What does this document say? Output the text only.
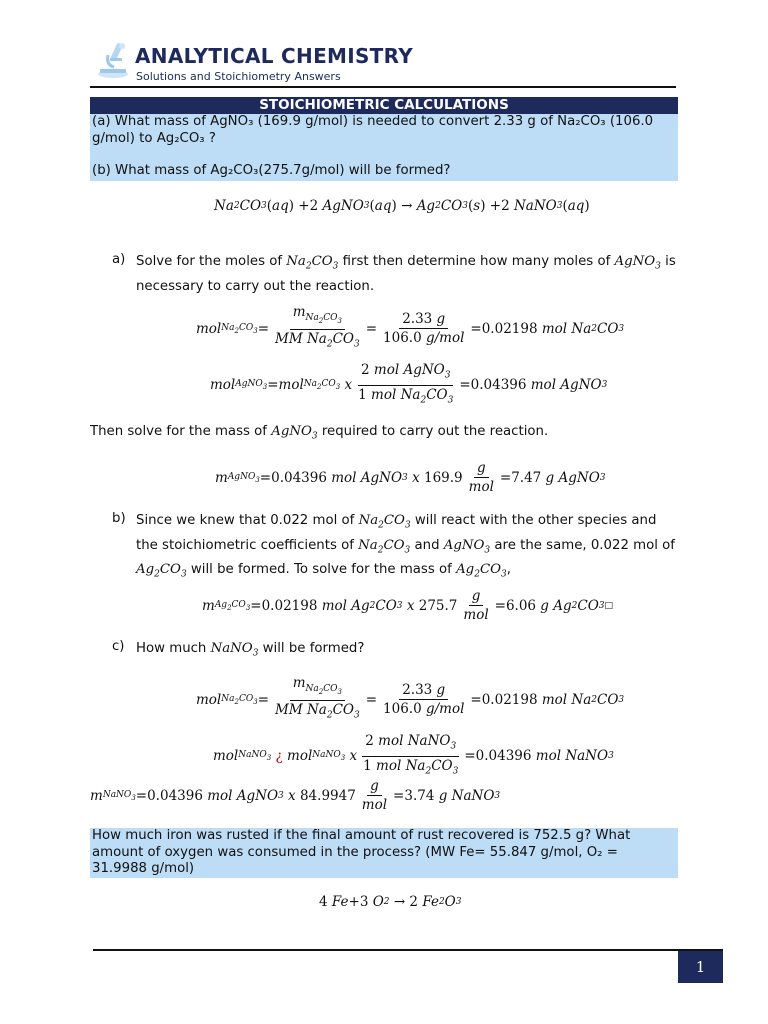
ANALYTICAL CHEMISTRY
Solutions and Stoichiometry Answers
STOICHIOMETRIC CALCULATIONS
(a) What mass of AgNO₃ (169.9 g/mol) is needed to convert 2.33 g of Na₂CO₃ (106.0 g/mol) to Ag₂CO₃ ?
(b) What mass of Ag₂CO₃(275.7g/mol) will be formed?
Na 2 CO 3 ( aq ) +2 AgNO 3 ( aq ) → Ag 2 CO 3 ( s ) +2 NaNO 3 ( aq )
a) Solve for the moles of $Na_2CO_3$ first then determine how many moles of AgNO$_3$ is necessary to carry out the reaction.
mol $Na_2CO_3 = \frac{m_{Na_2CO_3}}{MM Na_2CO_3} = \frac{2.33 g}{\text{106.0 g/mol}} = 0.02198$ mol Na 2 CO 3
mol AgNO$_3$ = mol $Na_2CO_3$ x $\frac{2 mol AgNO_3}{1 mol Na_2CO_3} = 0.04396$ mol AgNO 3
Then solve for the mass of AgNO$_3$ required to carry out the reaction.
m AgNO$_3$ = 0.04396 mol AgNO 3 x $169.9 \frac{g}{\text{mol}} = 7.47$ g AgNO 3
b) Since we knew that 0.022 mol of $Na_2CO_3$ will react with the other species and the stoichiometric coefficients of $Na_2CO_3$ and AgNO$_3$ are the same, 0.022 mol of $Ag_2CO_3$ will be formed. To solve for the mass of $Ag_2CO_3$,
m $Ag_2CO_3 = 0.02198$ mol Ag 2 CO 3 x $275.7 \frac{g}{\text{mol}} = 6.06$ g Ag 2 CO 3 □
c) How much NaNO$_3$ will be formed?
mol $Na_2CO_3 = \frac{m_{Na_2CO_3}}{MM Na_2CO_3} = \frac{2.33 g}{\text{106.0 g/mol}} = 0.02198$ mol Na 2 CO 3
mol NaNO$_3$ ¿ mol NaNO$_3$ x $\frac{2 mol NaNO_3}{1 mol Na_2CO_3} = 0.04396$ mol NaNO 3
m NaNO$_3$ = 0.04396 mol AgNO 3 x $84.9947 \frac{g}{\text{mol}} = 3.74$ g NaNO 3
How much iron was rusted if the final amount of rust recovered is 752.5 g? What amount of oxygen was consumed in the process? (MW Fe= 55.847 g/mol, O₂ = 31.9988 g/mol)
4 Fe +3 O 2 → 2 Fe 2 O 3
1
